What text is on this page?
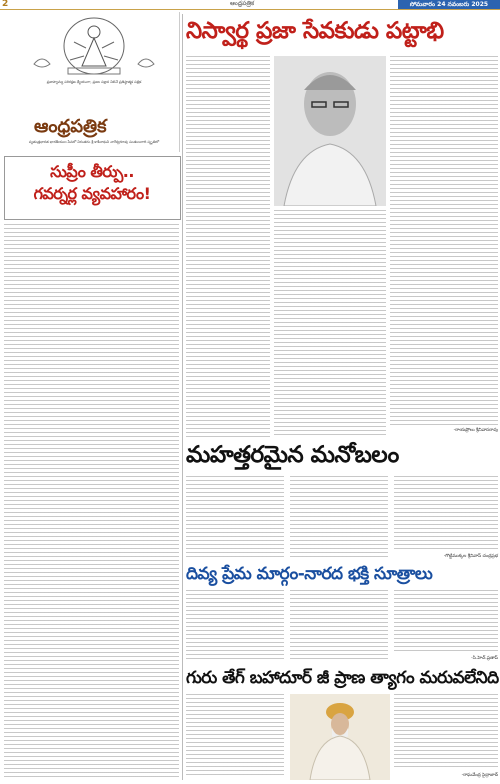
2	ఆంధ్రపత్రిక	సోమవారం 24 నవంబరు 2025
ప్రజాస్వామ్య పరిరక్షణ ధ్యేయంగా, ప్రజల పక్షాన నిలిచే ప్రతిష్ఠాత్మక పత్రిక
ఆంధ్రపత్రిక
స్వతంత్రభారత భారతీయుల సేవలో నిరంతరం శ్రీ కాశీనాథుని నాగేశ్వరరావు పంతులుగారి స్మృతిలో
నిస్వార్థ ప్రజా సేవకుడు పట్టాభి
-రాయప్రోలు శ్రీనివాసరావు
సుప్రీం తీర్పు..
గవర్నర్ల వ్యవహారం!
మహత్తరమైన మనోబలం
-గొట్టిముక్కల శ్రీనివాస్ చంద్రప్రభ
దివ్య ప్రేమ మార్గం-నారద భక్తి సూత్రాలు
-సి.హెచ్.ప్రతాప్
గురు తేగ్ బహాదూర్ జీ ప్రాణ త్యాగం మరువలేనిది
-రాఘవేంద్ర సైద్రాబాద్
